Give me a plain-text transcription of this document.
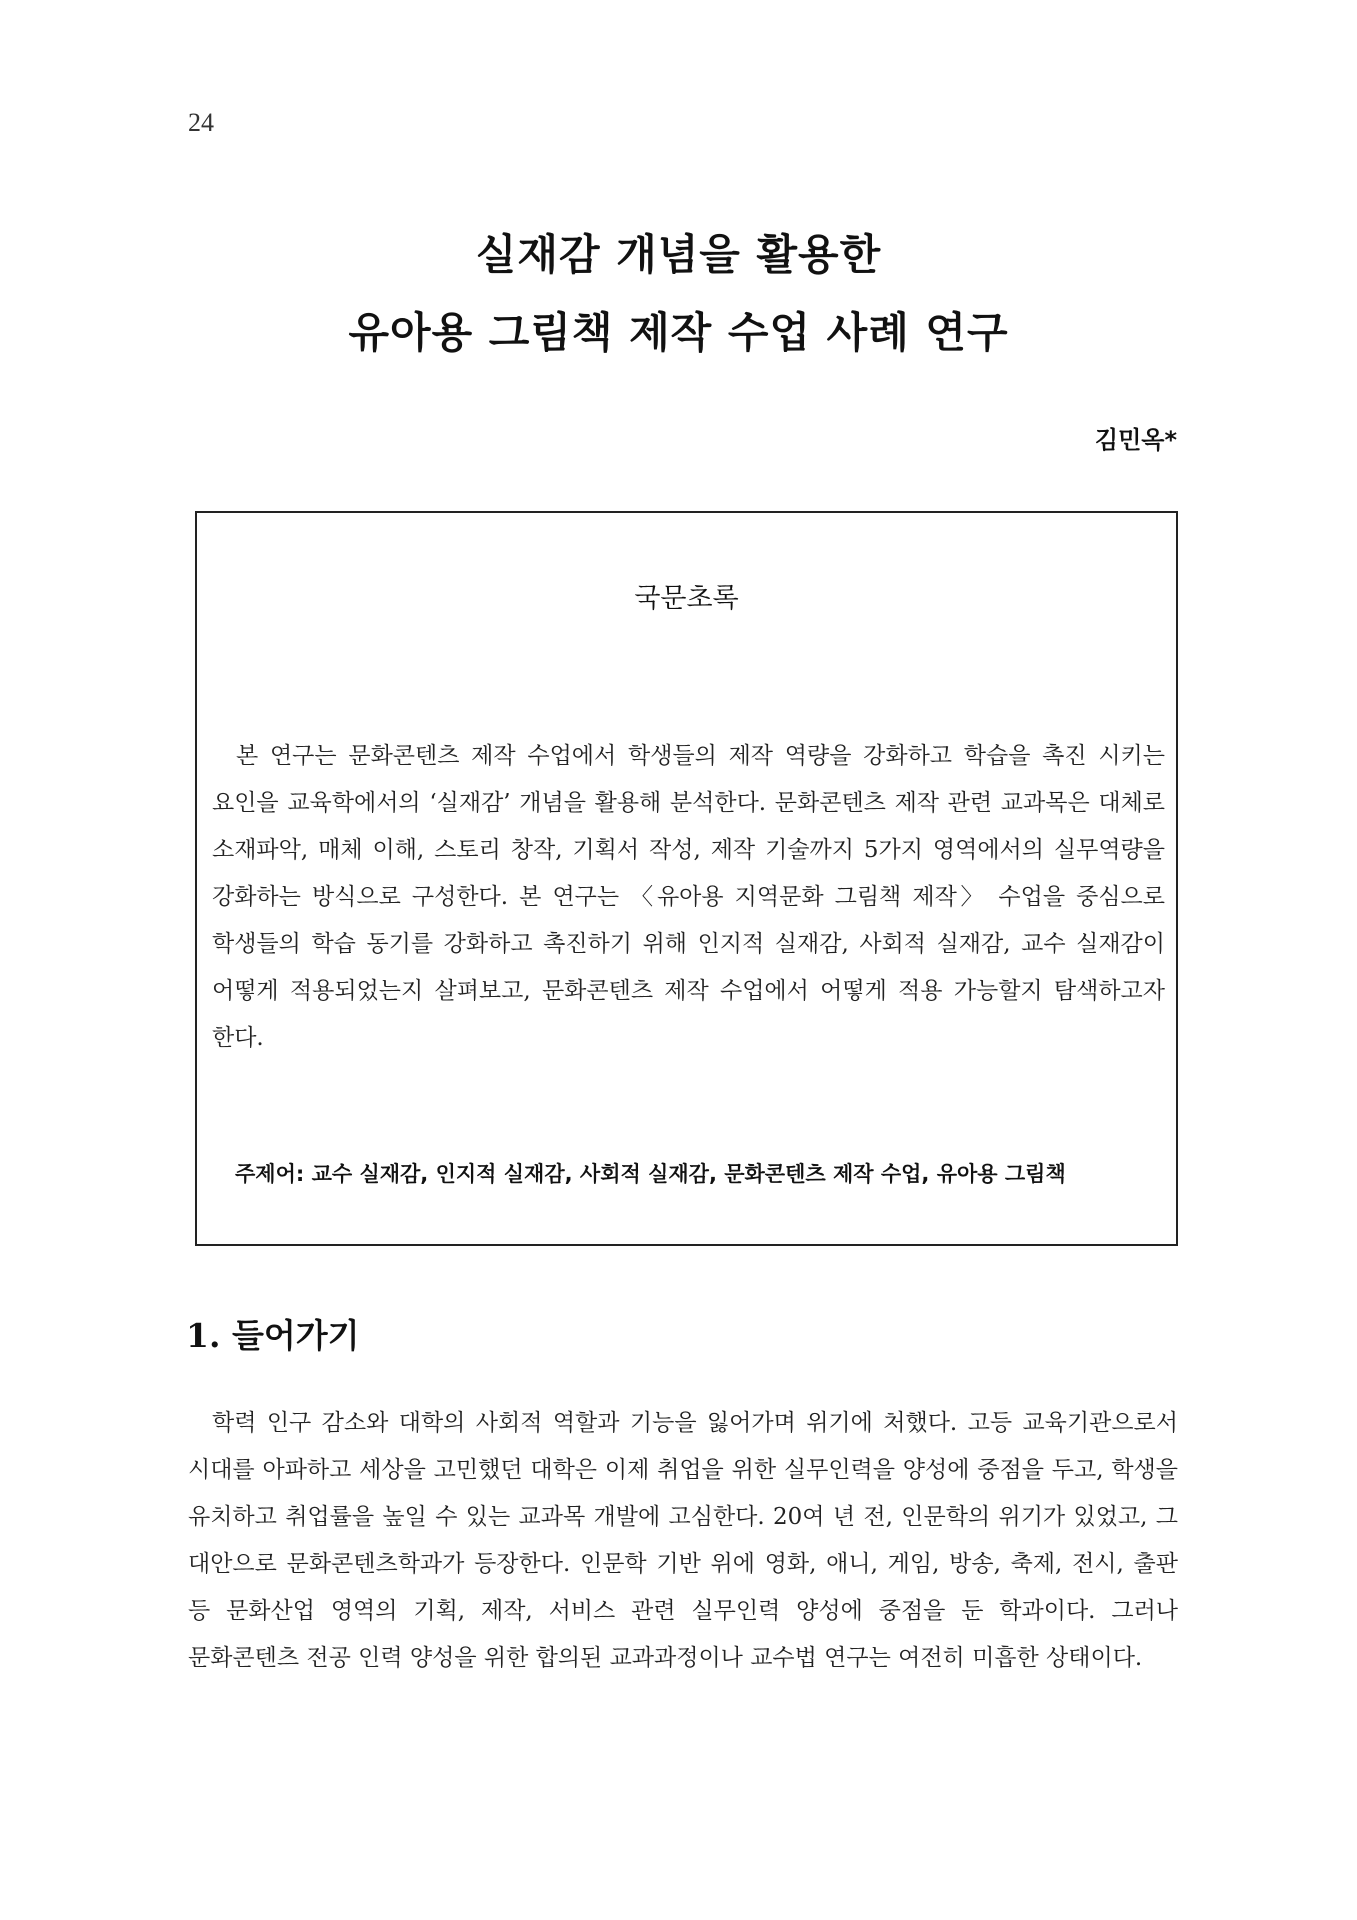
24
실재감 개념을 활용한
유아용 그림책 제작 수업 사례 연구
김민옥*
국문초록

본 연구는 문화콘텐츠 제작 수업에서 학생들의 제작 역량을 강화하고 학습을 촉진 시키는 요인을 교육학에서의 ‘실재감’ 개념을 활용해 분석한다. 문화콘텐츠 제작 관련 교과목은 대체로 소재파악, 매체 이해, 스토리 창작, 기획서 작성, 제작 기술까지 5가지 영역에서의 실무역량을 강화하는 방식으로 구성한다. 본 연구는 〈유아용 지역문화 그림책 제작〉 수업을 중심으로 학생들의 학습 동기를 강화하고 촉진하기 위해 인지적 실재감, 사회적 실재감, 교수 실재감이 어떻게 적용되었는지 살펴보고, 문화콘텐츠 제작 수업에서 어떻게 적용 가능할지 탐색하고자 한다.

주제어: 교수 실재감, 인지적 실재감, 사회적 실재감, 문화콘텐츠 제작 수업, 유아용 그림책
1. 들어가기

학력 인구 감소와 대학의 사회적 역할과 기능을 잃어가며 위기에 처했다. 고등 교육기관으로서 시대를 아파하고 세상을 고민했던 대학은 이제 취업을 위한 실무인력을 양성에 중점을 두고, 학생을 유치하고 취업률을 높일 수 있는 교과목 개발에 고심한다. 20여 년 전, 인문학의 위기가 있었고, 그 대안으로 문화콘텐츠학과가 등장한다. 인문학 기반 위에 영화, 애니, 게임, 방송, 축제, 전시, 출판 등 문화산업 영역의 기획, 제작, 서비스 관련 실무인력 양성에 중점을 둔 학과이다. 그러나 문화콘텐츠 전공 인력 양성을 위한 합의된 교과과정이나 교수법 연구는 여전히 미흡한 상태이다.
